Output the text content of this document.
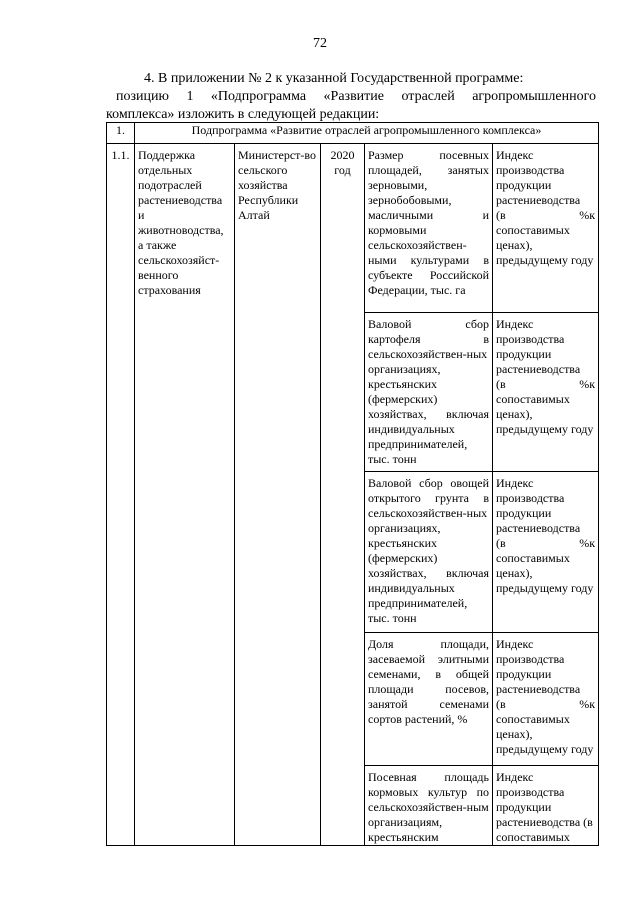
72
4. В приложении № 2 к указанной Государственной программе:
позицию 1 «Подпрограмма «Развитие отраслей агропромышленного
комплекса» изложить в следующей редакции:
1.	Подпрограмма «Развитие отраслей агропромышленного комплекса»				
1.1.	Поддержка отдельных подотраслей растениеводства и животноводства, а также сельскохозяйст-венного страхования	Министерст-во сельского хозяйства Республики Алтай	2020 год	Размер посевных площадей, занятых зерновыми, зернобобовыми, масличными и кормовыми сельскохозяйствен-ными культурами в субъекте Российской Федерации, тыс. га	Индекс производства продукции растениеводства
(в сопоставимых ценах),
% к
предыдущему году

				Валовой сбор картофеля в сельскохозяйствен-ных организациях, крестьянских (фермерских) хозяйствах, включая индивидуальных предпринимателей, тыс. тонн	Индекс производства продукции растениеводства
(в сопоставимых ценах),
% к
предыдущему году

				Валовой сбор овощей открытого грунта в сельскохозяйствен-ных организациях, крестьянских (фермерских) хозяйствах, включая индивидуальных предпринимателей, тыс. тонн	Индекс производства продукции растениеводства
(в сопоставимых ценах),
% к
предыдущему году

				Доля площади, засеваемой элитными семенами, в общей площади посевов, занятой семенами сортов растений, %	Индекс производства продукции растениеводства
(в сопоставимых ценах),
% к
предыдущему году

				Посевная площадь кормовых культур по сельскохозяйствен-ным организациям, крестьянским	Индекс производства продукции растениеводства (в сопоставимых
